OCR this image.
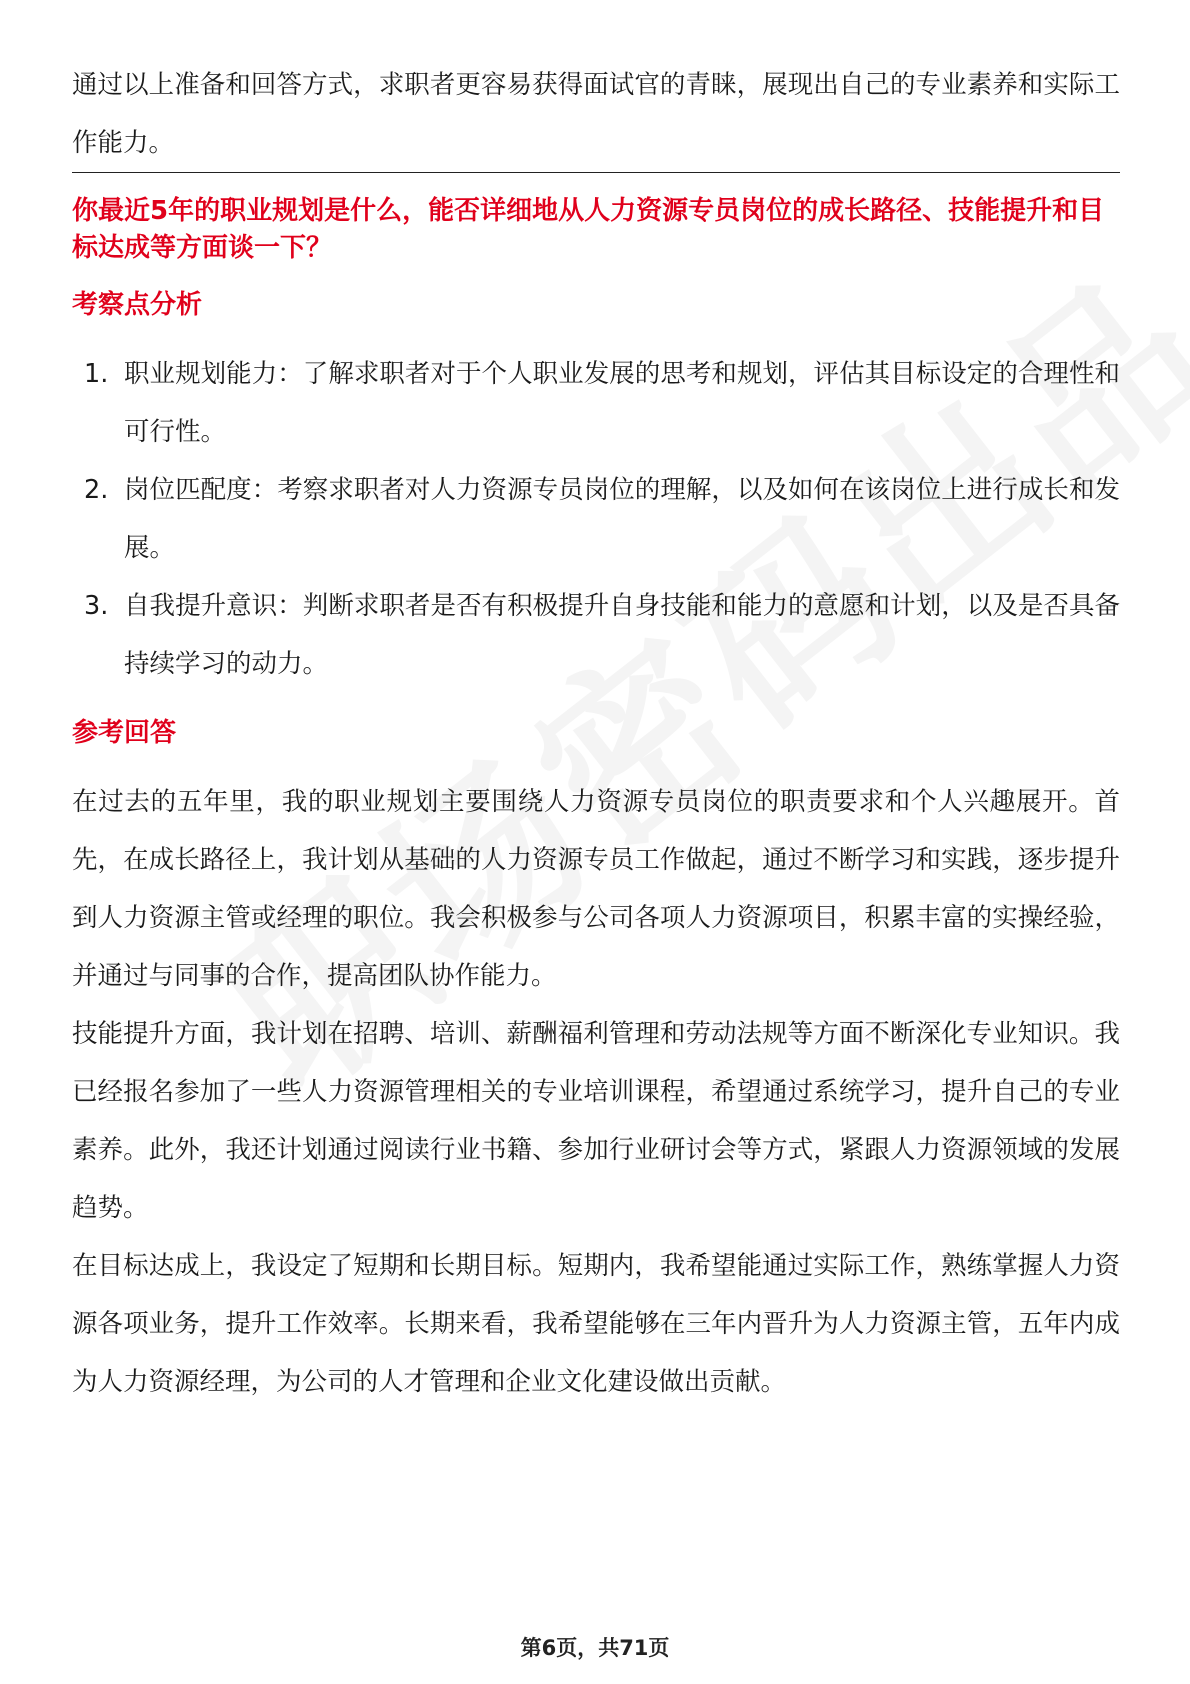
通过以上准备和回答方式，求职者更容易获得面试官的青睐，展现出自己的专业素养和实际工作能力。

你最近5年的职业规划是什么，能否详细地从人力资源专员岗位的成长路径、技能提升和目标达成等方面谈一下？

考察点分析
1. 职业规划能力：了解求职者对于个人职业发展的思考和规划，评估其目标设定的合理性和可行性。
2. 岗位匹配度：考察求职者对人力资源专员岗位的理解，以及如何在该岗位上进行成长和发展。
3. 自我提升意识：判断求职者是否有积极提升自身技能和能力的意愿和计划，以及是否具备持续学习的动力。
参考回答

在过去的五年里，我的职业规划主要围绕人力资源专员岗位的职责要求和个人兴趣展开。首先，在成长路径上，我计划从基础的人力资源专员工作做起，通过不断学习和实践，逐步提升到人力资源主管或经理的职位。我会积极参与公司各项人力资源项目，积累丰富的实操经验，并通过与同事的合作，提高团队协作能力。

技能提升方面，我计划在招聘、培训、薪酬福利管理和劳动法规等方面不断深化专业知识。我已经报名参加了一些人力资源管理相关的专业培训课程，希望通过系统学习，提升自己的专业素养。此外，我还计划通过阅读行业书籍、参加行业研讨会等方式，紧跟人力资源领域的发展趋势。

在目标达成上，我设定了短期和长期目标。短期内，我希望能通过实际工作，熟练掌握人力资源各项业务，提升工作效率。长期来看，我希望能够在三年内晋升为人力资源主管，五年内成为人力资源经理，为公司的人才管理和企业文化建设做出贡献。

第6页，共71页
